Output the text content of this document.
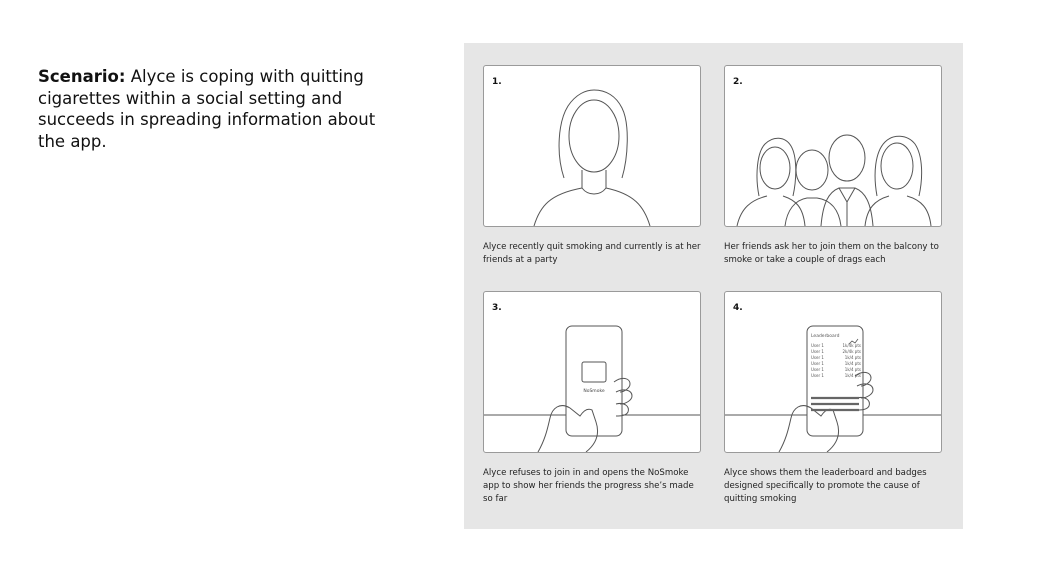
Scenario: Alyce is coping with quitting cigarettes within a social setting and succeeds in spreading information about the app.
1.
Alyce recently quit smoking and currently is at her friends at a party
2.
Her friends ask her to join them on the balcony to smoke or take a couple of drags each
3.
NoSmoke
Alyce refuses to join in and opens the NoSmoke app to show her friends the progress she’s made so far
4.
Leaderboard
User 1	1k/4k pts
User 1	2k/4k pts
User 1	1k/4 pts
User 1	1k/4 pts
User 1	1k/4 pts
User 1	1k/4 pts
Alyce shows them the leaderboard and badges designed specifically to promote the cause of quitting smoking
